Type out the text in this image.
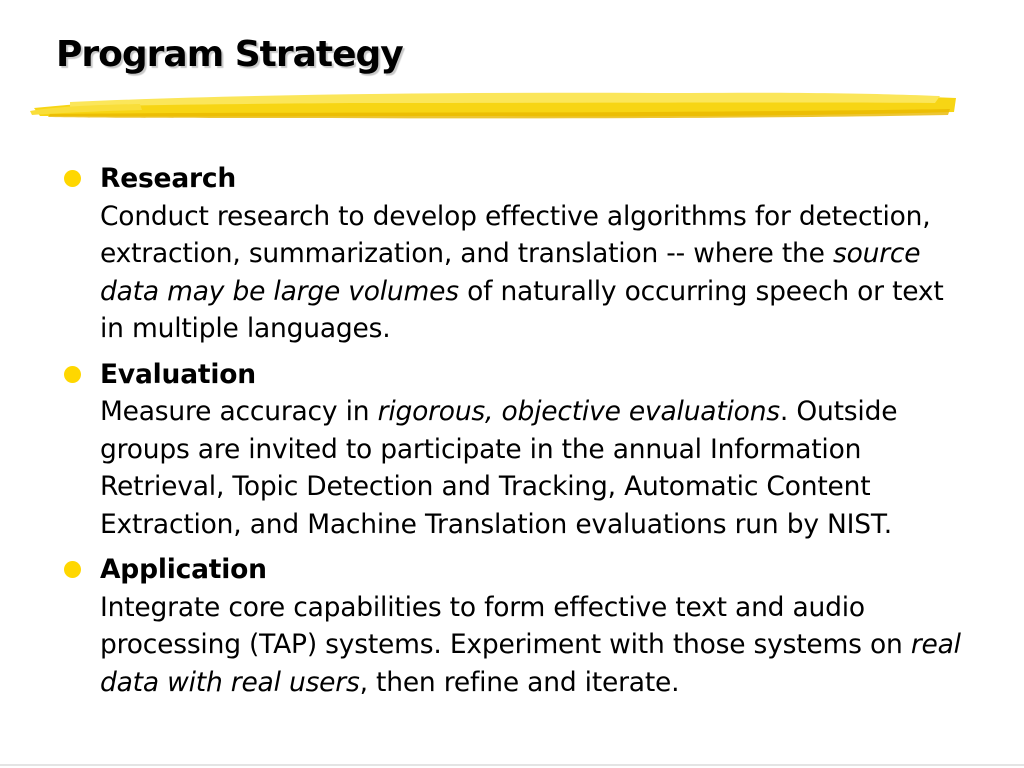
Program Strategy
Research
Conduct research to develop effective algorithms for detection, extraction, summarization, and translation -- where the source data may be large volumes of naturally occurring speech or text in multiple languages.
Evaluation
Measure accuracy in rigorous, objective evaluations. Outside groups are invited to participate in the annual Information Retrieval, Topic Detection and Tracking, Automatic Content Extraction, and Machine Translation evaluations run by NIST.
Application
Integrate core capabilities to form effective text and audio processing (TAP) systems. Experiment with those systems on real data with real users, then refine and iterate.
